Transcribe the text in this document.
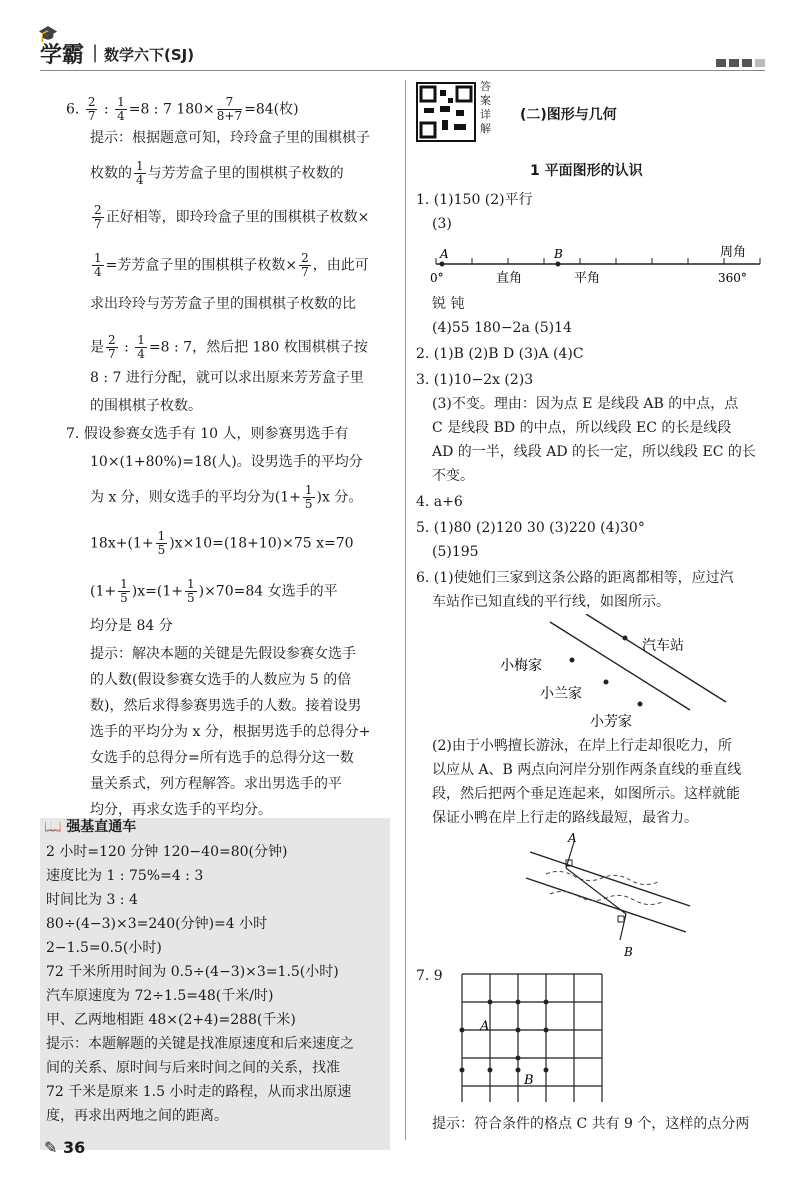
🎓
学霸 | 数学六下(SJ)
6. $\frac{2}{7}$ : $\frac{1}{4} =8$ : 7 $180\times \frac{7}{8+7} =84$(枚)
提示：根据题意可知，玲玲盒子里的围棋棋子
枚数的 $\frac{1}{4}$ 与芳芳盒子里的围棋棋子枚数的
$\frac{2}{7}$ 正好相等，即玲玲盒子里的围棋棋子枚数×
$\frac{1}{4}$ =芳芳盒子里的围棋棋子枚数× $\frac{2}{7}$ ，由此可
求出玲玲与芳芳盒子里的围棋棋子枚数的比
是 $\frac{2}{7}$ : $\frac{1}{4} =8$ : 7，然后把 180 枚围棋棋子按
8 : 7 进行分配，就可以求出原来芳芳盒子里
的围棋棋子枚数。
7. 假设参赛女选手有 10 人，则参赛男选手有
10×(1+80%)=18(人)。设男选手的平均分
为 x 分，则女选手的平均分为$(1+ \frac{1}{5} )x$ 分。
$18x+(1+ \frac{1}{5} )x\times 10=(18+10)\times 75$ x=70
$(1+ \frac{1}{5} )x=(1+ \frac{1}{5} )\times 70=84$ 女选手的平
均分是 84 分
提示：解决本题的关键是先假设参赛女选手
的人数(假设参赛女选手的人数应为 5 的倍
数)，然后求得参赛男选手的人数。接着设男
选手的平均分为 x 分，根据男选手的总得分+
女选手的总得分=所有选手的总得分这一数
量关系式，列方程解答。求出男选手的平
均分，再求女选手的平均分。
📖 强基直通车
2 小时=120 分钟 120−40=80(分钟)
速度比为 1 : 75%=4 : 3
时间比为 3 : 4
80÷(4−3)×3=240(分钟)=4 小时
2−1.5=0.5(小时)
72 千米所用时间为 0.5÷(4−3)×3=1.5(小时)
汽车原速度为 72÷1.5=48(千米/时)
甲、乙两地相距 48×(2+4)=288(千米)
提示：本题解题的关键是找准原速度和后来速度之
间的关系、原时间与后来时间之间的关系，找准
72 千米是原来 1.5 小时走的路程，从而求出原速
度，再求出两地之间的距离。
✎ 36
答案详解
(二)图形与几何
1 平面图形的认识
1. (1)150 (2)平行
(3)
A	B	周角
0°	直角	平角	360°
锐 钝
(4)55 180−2a (5)14
2. (1)B (2)B D (3)A (4)C
3. (1)10−2x (2)3
(3)不变。理由：因为点 E 是线段 AB 的中点，点
C 是线段 BD 的中点，所以线段 EC 的长是线段
AD 的一半，线段 AD 的长一定，所以线段 EC 的长
不变。
4. a+6
5. (1)80 (2)120 30 (3)220 (4)30°
(5)195
6. (1)使她们三家到这条公路的距离都相等，应过汽
车站作已知直线的平行线，如图所示。
汽车站
小梅家
小兰家
小芳家
(2)由于小鸭擅长游泳，在岸上行走却很吃力，所
以应从 A、B 两点向河岸分别作两条直线的垂直线
段，然后把两个垂足连起来，如图所示。这样就能
保证小鸭在岸上行走的路线最短，最省力。
A
B
7. 9
A
B
提示：符合条件的格点 C 共有 9 个，这样的点分两
